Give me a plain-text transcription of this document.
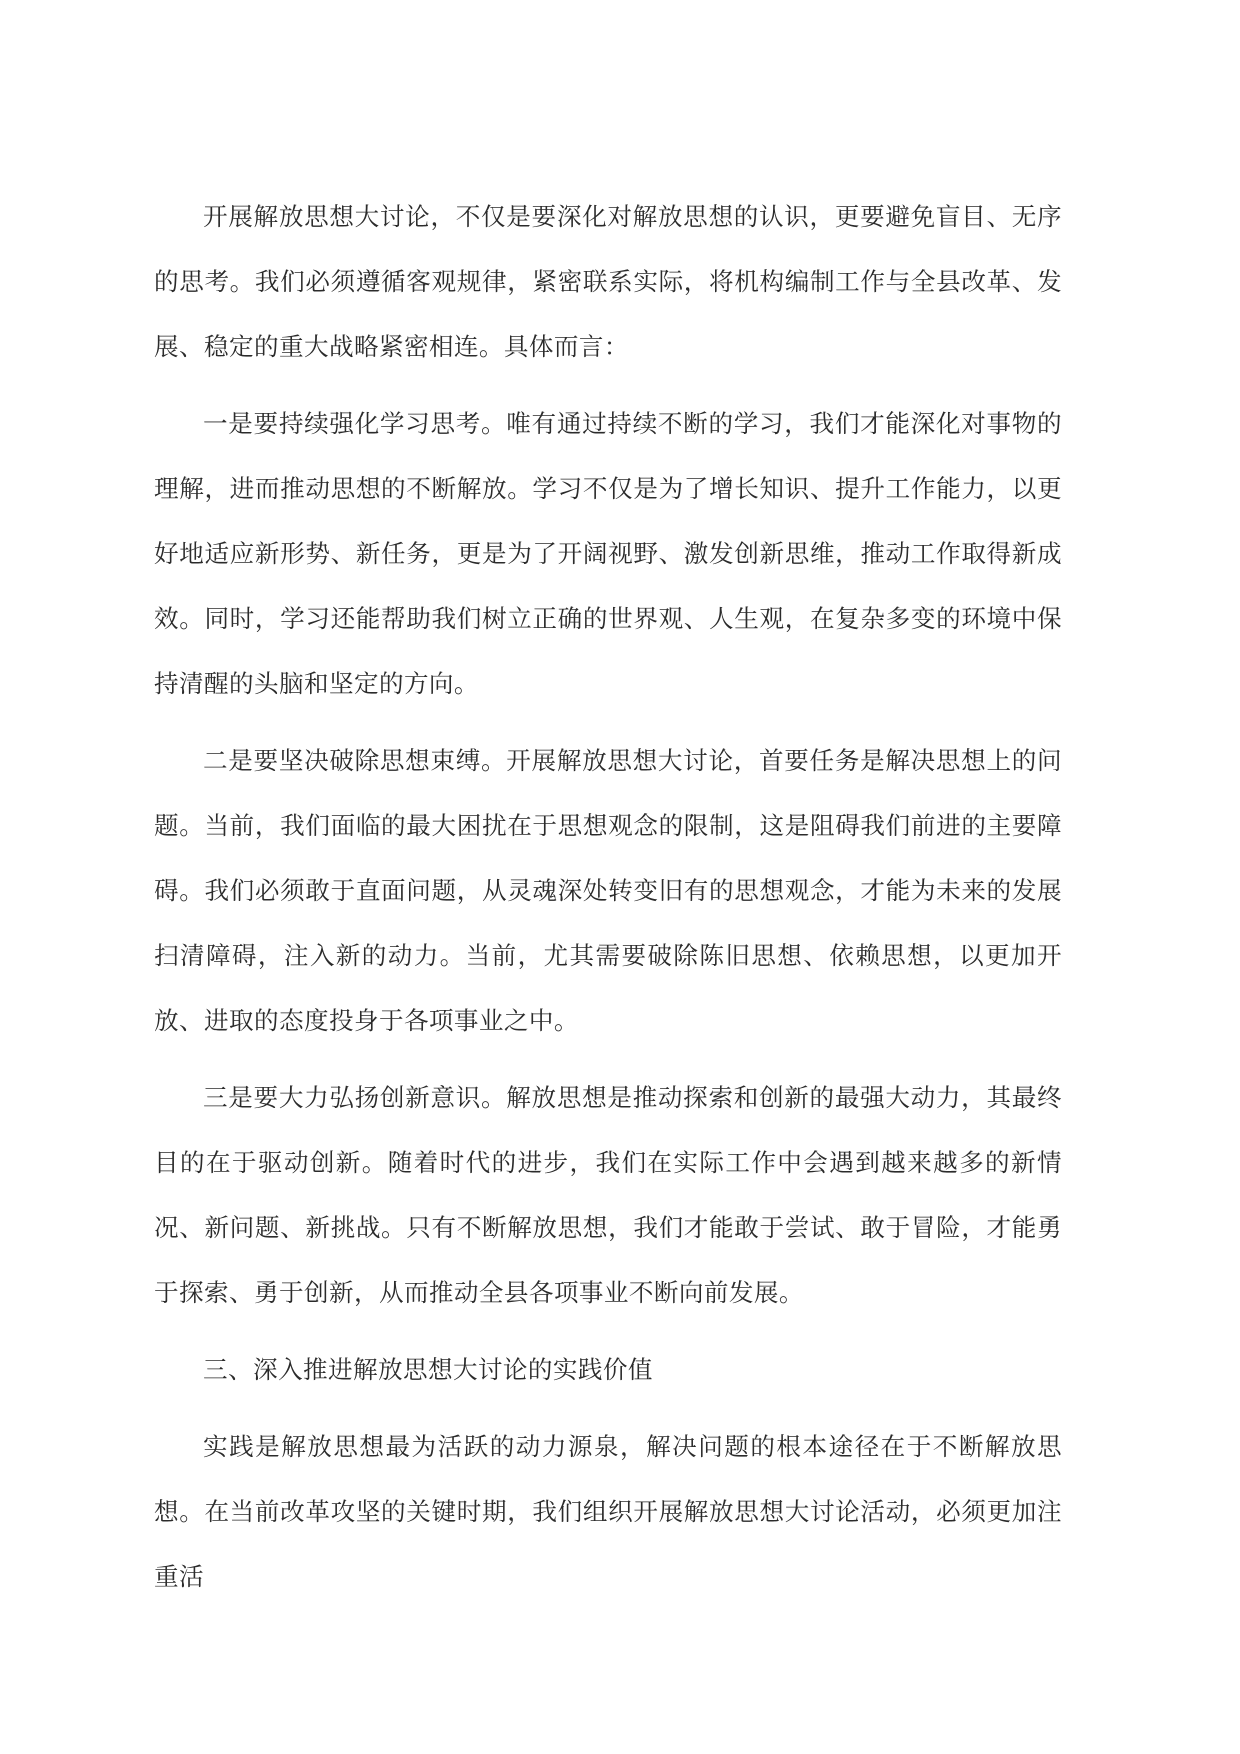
开展解放思想大讨论，不仅是要深化对解放思想的认识，更要避免盲目、无序的思考。我们必须遵循客观规律，紧密联系实际，将机构编制工作与全县改革、发展、稳定的重大战略紧密相连。具体而言：

一是要持续强化学习思考。唯有通过持续不断的学习，我们才能深化对事物的理解，进而推动思想的不断解放。学习不仅是为了增长知识、提升工作能力，以更好地适应新形势、新任务，更是为了开阔视野、激发创新思维，推动工作取得新成效。同时，学习还能帮助我们树立正确的世界观、人生观，在复杂多变的环境中保持清醒的头脑和坚定的方向。

二是要坚决破除思想束缚。开展解放思想大讨论，首要任务是解决思想上的问题。当前，我们面临的最大困扰在于思想观念的限制，这是阻碍我们前进的主要障碍。我们必须敢于直面问题，从灵魂深处转变旧有的思想观念，才能为未来的发展扫清障碍，注入新的动力。当前，尤其需要破除陈旧思想、依赖思想，以更加开放、进取的态度投身于各项事业之中。

三是要大力弘扬创新意识。解放思想是推动探索和创新的最强大动力，其最终目的在于驱动创新。随着时代的进步，我们在实际工作中会遇到越来越多的新情况、新问题、新挑战。只有不断解放思想，我们才能敢于尝试、敢于冒险，才能勇于探索、勇于创新，从而推动全县各项事业不断向前发展。

三、深入推进解放思想大讨论的实践价值

实践是解放思想最为活跃的动力源泉，解决问题的根本途径在于不断解放思想。在当前改革攻坚的关键时期，我们组织开展解放思想大讨论活动，必须更加注重活
